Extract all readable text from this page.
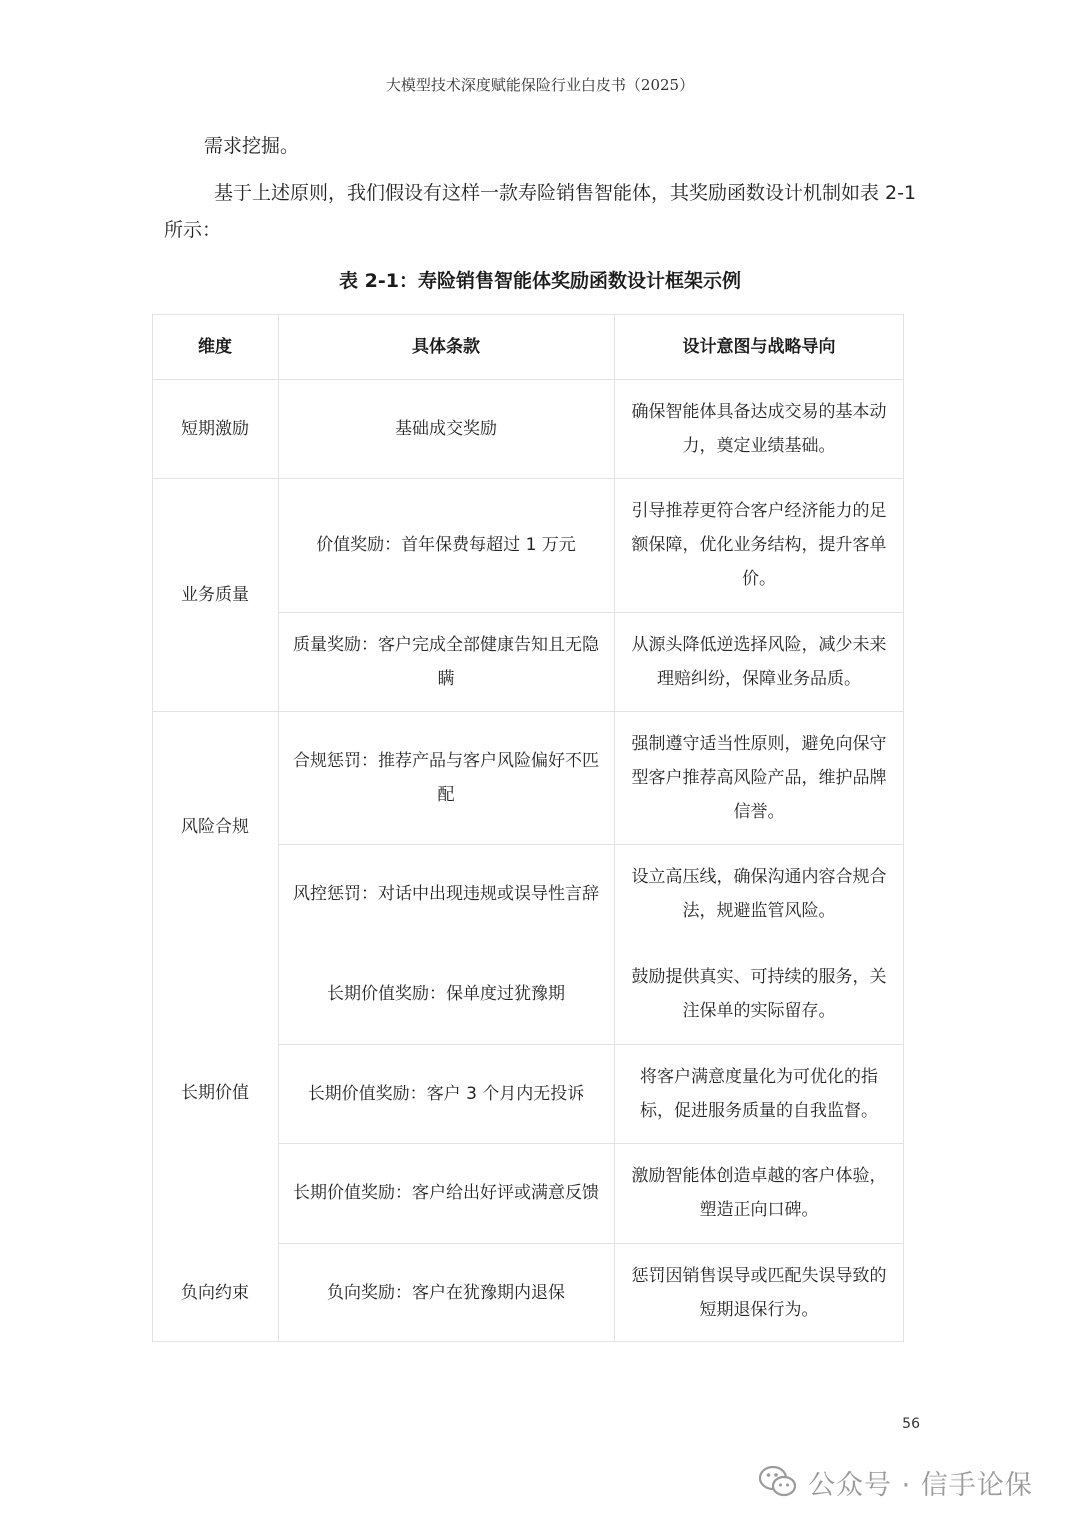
大模型技术深度赋能保险行业白皮书（2025）
需求挖掘。
基于上述原则，我们假设有这样一款寿险销售智能体，其奖励函数设计机制如表 2-1 所示：
表 2-1：寿险销售智能体奖励函数设计框架示例
维度	具体条款	设计意图与战略导向
短期激励
业务质量
风险合规
长期价值
负向约束
基础成交奖励
价值奖励：首年保费每超过 1 万元
质量奖励：客户完成全部健康告知且无隐瞒
合规惩罚：推荐产品与客户风险偏好不匹配
风控惩罚：对话中出现违规或误导性言辞
长期价值奖励：保单度过犹豫期
长期价值奖励：客户 3 个月内无投诉
长期价值奖励：客户给出好评或满意反馈
负向奖励：客户在犹豫期内退保
确保智能体具备达成交易的基本动力，奠定业绩基础。
引导推荐更符合客户经济能力的足额保障，优化业务结构，提升客单价。
从源头降低逆选择风险，减少未来理赔纠纷，保障业务品质。
强制遵守适当性原则，避免向保守型客户推荐高风险产品，维护品牌信誉。
设立高压线，确保沟通内容合规合法，规避监管风险。
鼓励提供真实、可持续的服务，关注保单的实际留存。
将客户满意度量化为可优化的指标，促进服务质量的自我监督。
激励智能体创造卓越的客户体验，塑造正向口碑。
惩罚因销售误导或匹配失误导致的短期退保行为。
56
公众号 · 信手论保
